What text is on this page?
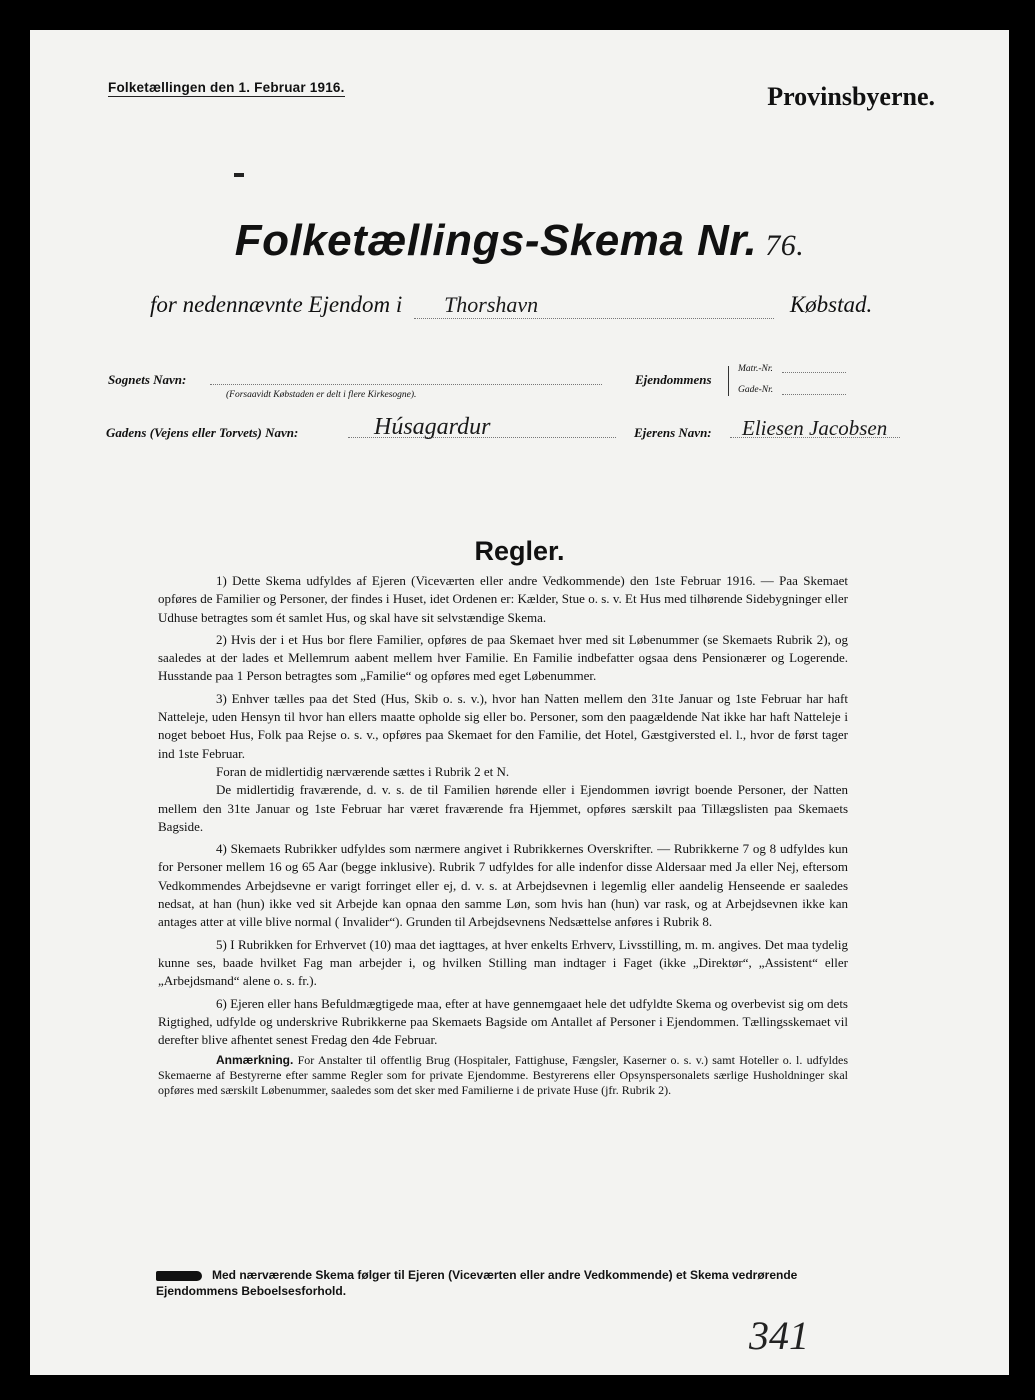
Folketællingen den 1. Februar 1916.	Provinsbyerne.
Folketællings-Skema Nr. 76.
for nedennævnte Ejendom i Thorshavn	Købstad.
Sognets Navn:
(Forsaavidt Købstaden er delt i flere Kirkesogne).
Ejendommens
Matr.-Nr.
Gade-Nr.
Gadens (Vejens eller Torvets) Navn:	Húsagardur	Ejerens Navn: Eliesen Jacobsen
Regler.

1) Dette Skema udfyldes af Ejeren (Viceværten eller andre Vedkommende) den 1ste Februar 1916. — Paa Skemaet opføres de Familier og Personer, der findes i Huset, idet Ordenen er: Kælder, Stue o. s. v. Et Hus med tilhørende Sidebygninger eller Udhuse betragtes som ét samlet Hus, og skal have sit selvstændige Skema.

2) Hvis der i et Hus bor flere Familier, opføres de paa Skemaet hver med sit Løbenummer (se Skemaets Rubrik 2), og saaledes at der lades et Mellemrum aabent mellem hver Familie. En Familie indbefatter ogsaa dens Pensionærer og Logerende. Husstande paa 1 Person betragtes som „Familie“ og opføres med eget Løbenummer.

3) Enhver tælles paa det Sted (Hus, Skib o. s. v.), hvor han Natten mellem den 31te Januar og 1ste Februar har haft Natteleje, uden Hensyn til hvor han ellers maatte opholde sig eller bo. Personer, som den paagældende Nat ikke har haft Natteleje i noget beboet Hus, Folk paa Rejse o. s. v., opføres paa Skemaet for den Familie, det Hotel, Gæstgiversted el. l., hvor de først tager ind 1ste Februar.

Foran de midlertidig nærværende sættes i Rubrik 2 et N.

De midlertidig fraværende, d. v. s. de til Familien hørende eller i Ejendommen iøvrigt boende Personer, der Natten mellem den 31te Januar og 1ste Februar har været fraværende fra Hjemmet, opføres særskilt paa Tillægslisten paa Skemaets Bagside.

4) Skemaets Rubrikker udfyldes som nærmere angivet i Rubrikkernes Overskrifter. — Rubrikkerne 7 og 8 udfyldes kun for Personer mellem 16 og 65 Aar (begge inklusive). Rubrik 7 udfyldes for alle indenfor disse Aldersaar med Ja eller Nej, eftersom Vedkommendes Arbejdsevne er varigt forringet eller ej, d. v. s. at Arbejdsevnen i legemlig eller aandelig Henseende er saaledes nedsat, at han (hun) ikke ved sit Arbejde kan opnaa den samme Løn, som hvis han (hun) var rask, og at Arbejdsevnen ikke kan antages atter at ville blive normal ( Invalider“). Grunden til Arbejdsevnens Nedsættelse anføres i Rubrik 8.

5) I Rubrikken for Erhvervet (10) maa det iagttages, at hver enkelts Erhverv, Livsstilling, m. m. angives. Det maa tydelig kunne ses, baade hvilket Fag man arbejder i, og hvilken Stilling man indtager i Faget (ikke „Direktør“, „Assistent“ eller „Arbejdsmand“ alene o. s. fr.).

6) Ejeren eller hans Befuldmægtigede maa, efter at have gennemgaaet hele det udfyldte Skema og overbevist sig om dets Rigtighed, udfylde og underskrive Rubrikkerne paa Skemaets Bagside om Antallet af Personer i Ejendommen. Tællingsskemaet vil derefter blive afhentet senest Fredag den 4de Februar.

Anmærkning. For Anstalter til offentlig Brug (Hospitaler, Fattighuse, Fængsler, Kaserner o. s. v.) samt Hoteller o. l. udfyldes Skemaerne af Bestyrerne efter samme Regler som for private Ejendomme. Bestyrerens eller Opsynspersonalets særlige Husholdninger skal opføres med særskilt Løbenummer, saaledes som det sker med Familierne i de private Huse (jfr. Rubrik 2).

Med nærværende Skema følger til Ejeren (Viceværten eller andre Vedkommende) et Skema vedrørende Ejendommens Beboelsesforhold.
341
